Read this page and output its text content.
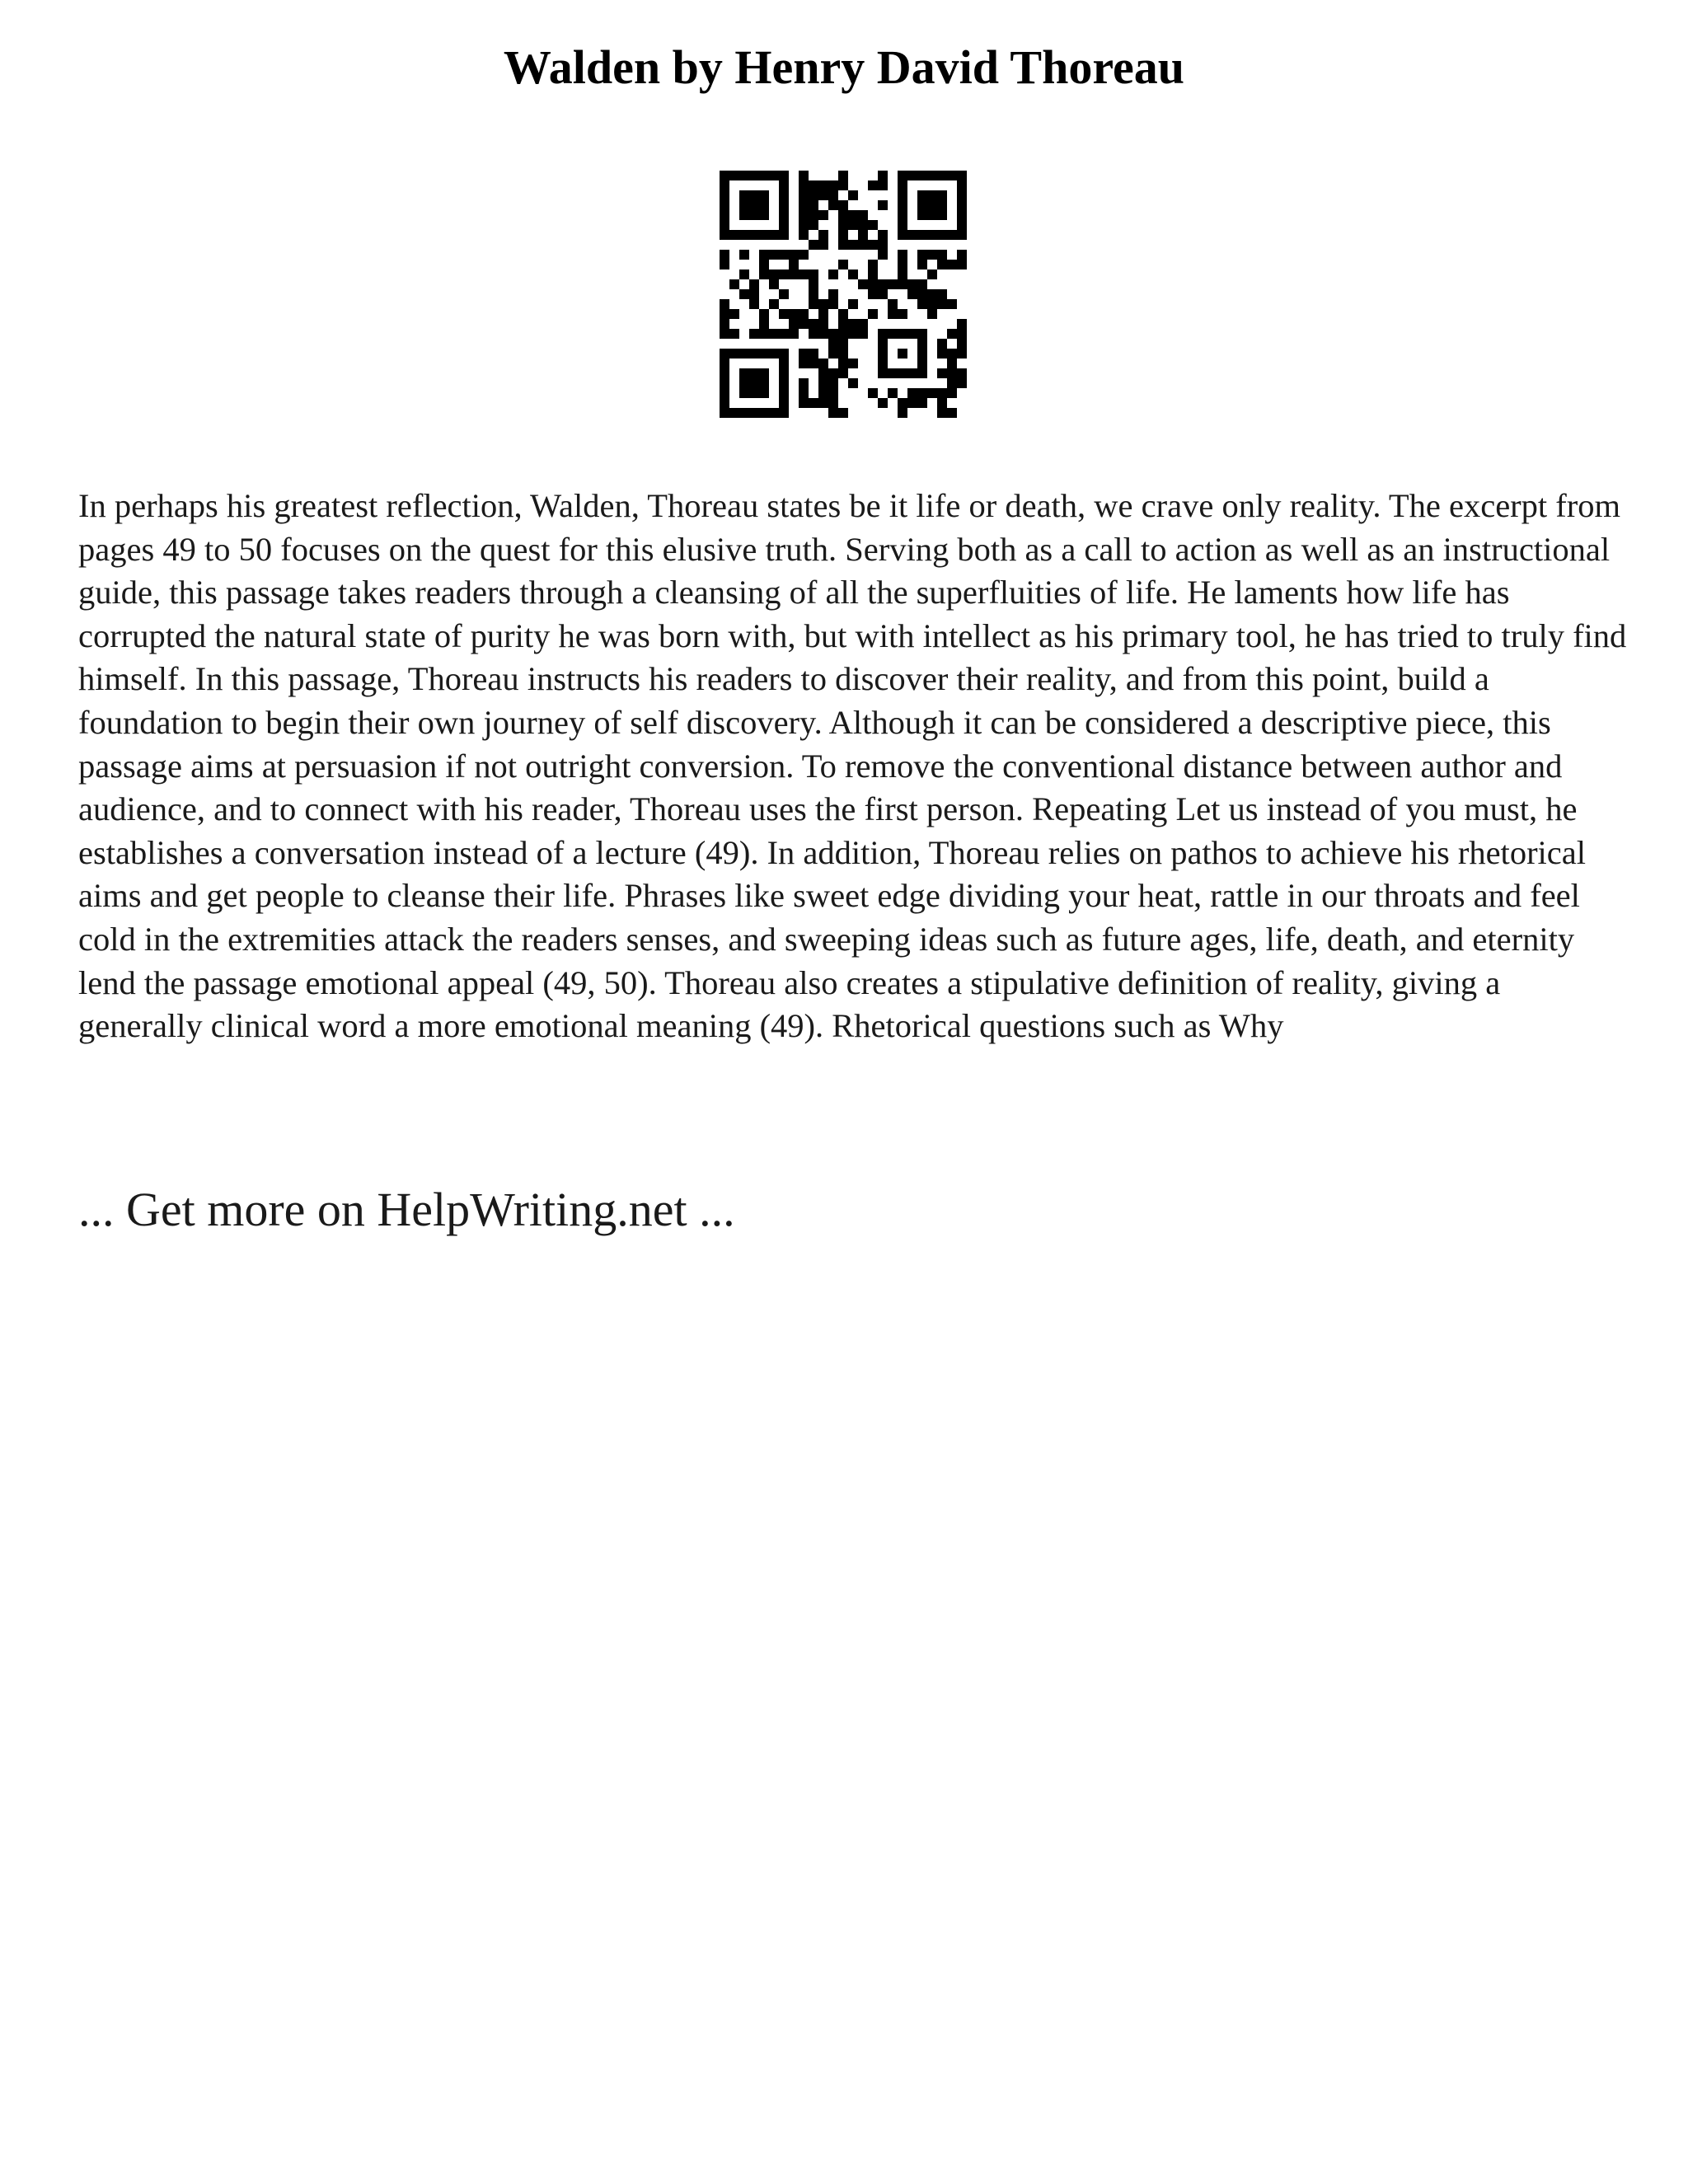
Walden by Henry David Thoreau

In perhaps his greatest reflection, Walden, Thoreau states be it life or death, we crave only reality. The excerpt from pages 49 to 50 focuses on the quest for this elusive truth. Serving both as a call to action as well as an instructional guide, this passage takes readers through a cleansing of all the superfluities of life. He laments how life has corrupted the natural state of purity he was born with, but with intellect as his primary tool, he has tried to truly find himself. In this passage, Thoreau instructs his readers to discover their reality, and from this point, build a foundation to begin their own journey of self discovery. Although it can be considered a descriptive piece, this passage aims at persuasion if not outright conversion. To remove the conventional distance between author and audience, and to connect with his reader, Thoreau uses the first person. Repeating Let us instead of you must, he establishes a conversation instead of a lecture (49). In addition, Thoreau relies on pathos to achieve his rhetorical aims and get people to cleanse their life. Phrases like sweet edge dividing your heat, rattle in our throats and feel cold in the extremities attack the readers senses, and sweeping ideas such as future ages, life, death, and eternity lend the passage emotional appeal (49, 50). Thoreau also creates a stipulative definition of reality, giving a generally clinical word a more emotional meaning (49). Rhetorical questions such as Why

... Get more on HelpWriting.net ...
